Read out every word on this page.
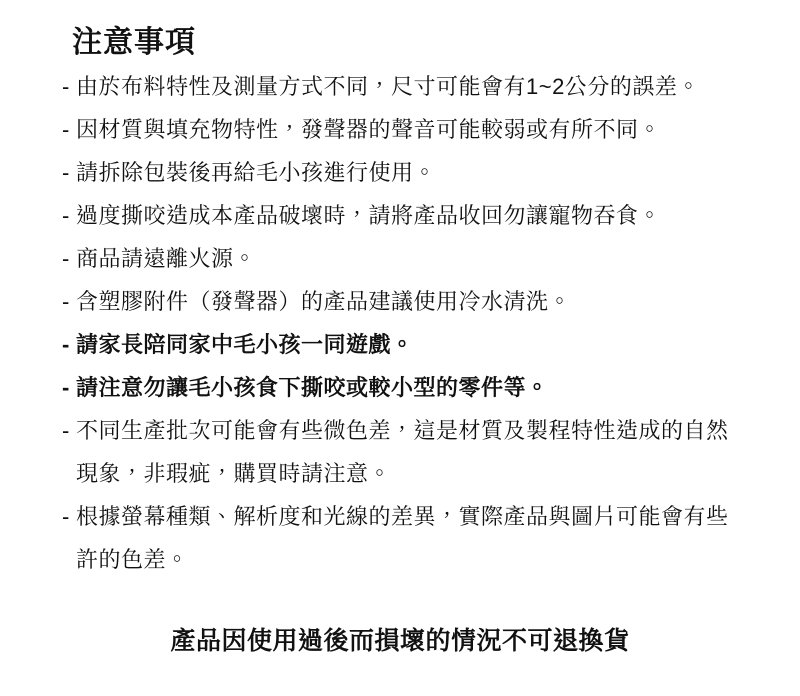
注意事項
- 由於布料特性及測量方式不同，尺寸可能會有1~2公分的誤差。
- 因材質與填充物特性，發聲器的聲音可能較弱或有所不同。
- 請拆除包裝後再給毛小孩進行使用。
- 過度撕咬造成本產品破壞時，請將產品收回勿讓寵物吞食。
- 商品請遠離火源。
- 含塑膠附件（發聲器）的產品建議使用冷水清洗。
- 請家長陪同家中毛小孩一同遊戲。
- 請注意勿讓毛小孩食下撕咬或較小型的零件等。
- 不同生產批次可能會有些微色差，這是材質及製程特性造成的自然現象，非瑕疵，購買時請注意。
- 根據螢幕種類、解析度和光線的差異，實際產品與圖片可能會有些許的色差。
產品因使用過後而損壞的情況不可退換貨
